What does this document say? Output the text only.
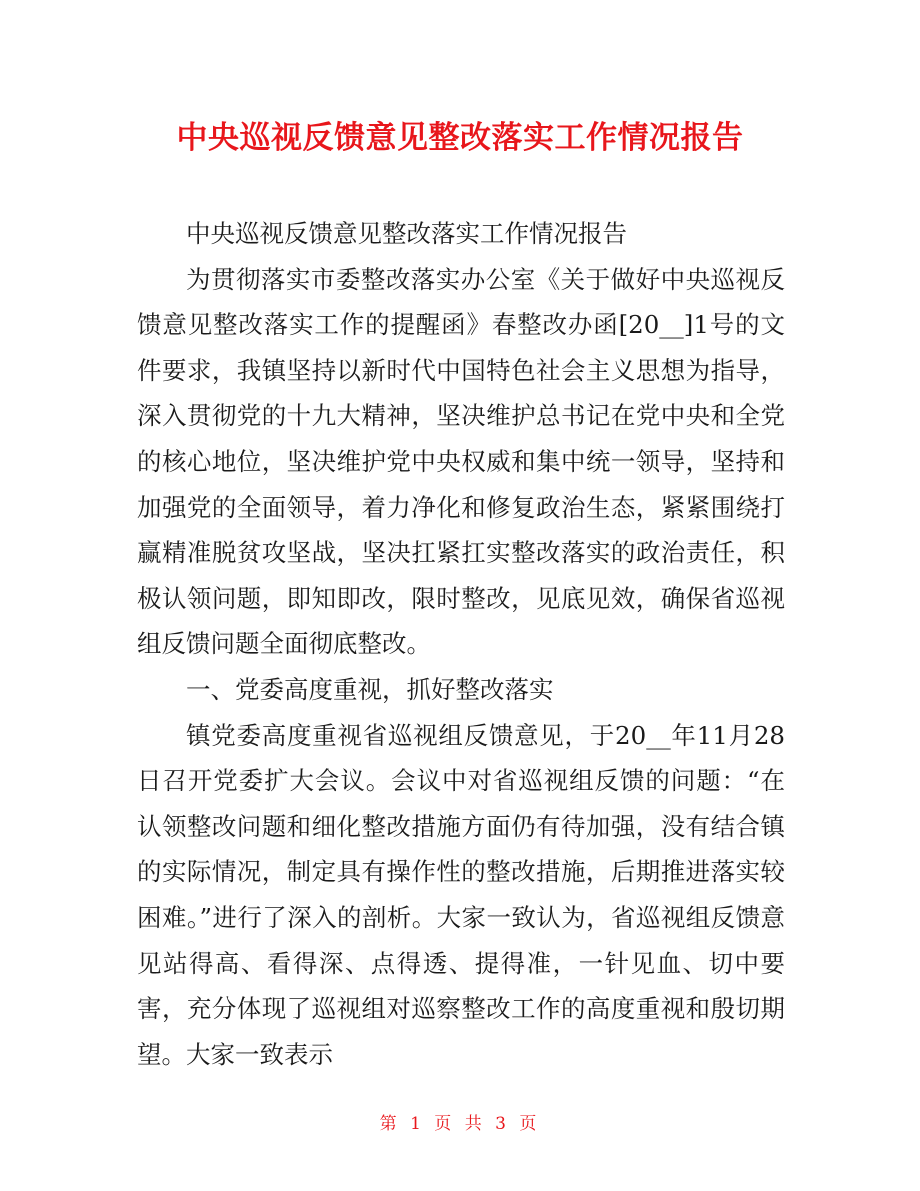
中央巡视反馈意见整改落实工作情况报告

中央巡视反馈意见整改落实工作情况报告

为贯彻落实市委整改落实办公室《关于做好中央巡视反馈意见整改落实工作的提醒函》春整改办函[20__]1号的文件要求，我镇坚持以新时代中国特色社会主义思想为指导，深入贯彻党的十九大精神，坚决维护总书记在党中央和全党的核心地位，坚决维护党中央权威和集中统一领导，坚持和加强党的全面领导，着力净化和修复政治生态，紧紧围绕打赢精准脱贫攻坚战，坚决扛紧扛实整改落实的政治责任，积极认领问题，即知即改，限时整改，见底见效，确保省巡视组反馈问题全面彻底整改。

一、党委高度重视，抓好整改落实

镇党委高度重视省巡视组反馈意见，于20__年11月28日召开党委扩大会议。会议中对省巡视组反馈的问题：“在认领整改问题和细化整改措施方面仍有待加强，没有结合镇的实际情况，制定具有操作性的整改措施，后期推进落实较困难。”进行了深入的剖析。大家一致认为，省巡视组反馈意见站得高、看得深、点得透、提得准，一针见血、切中要害，充分体现了巡视组对巡察整改工作的高度重视和殷切期望。大家一致表示

第 1 页 共 3 页
